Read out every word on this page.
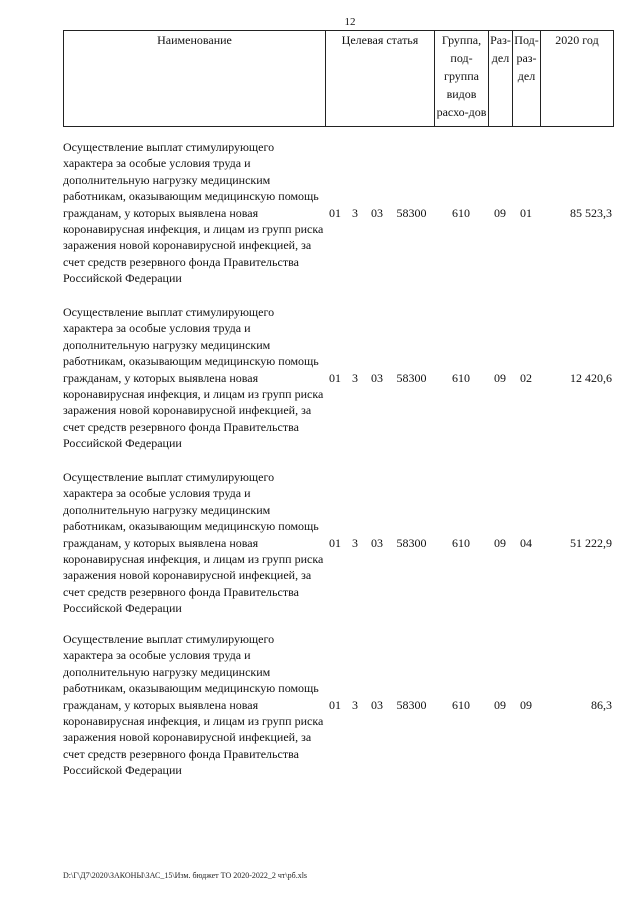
12
Наименование	Целевая статья	Группа, под-группа видов расхо-дов	Раз-дел	Под-раз-дел	2020 год
Осуществление выплат стимулирующего характера за особые условия труда и дополнительную нагрузку медицинским работникам, оказывающим медицинскую помощь гражданам, у которых выявлена новая коронавирусная инфекция, и лицам из групп риска заражения новой коронавирусной инфекцией, за счет средств резервного фонда Правительства Российской Федерации
01 3	03	58300	610	09	01	85 523,3
Осуществление выплат стимулирующего характера за особые условия труда и дополнительную нагрузку медицинским работникам, оказывающим медицинскую помощь гражданам, у которых выявлена новая коронавирусная инфекция, и лицам из групп риска заражения новой коронавирусной инфекцией, за счет средств резервного фонда Правительства Российской Федерации
01 3	03	58300	610	09	02	12 420,6
Осуществление выплат стимулирующего характера за особые условия труда и дополнительную нагрузку медицинским работникам, оказывающим медицинскую помощь гражданам, у которых выявлена новая коронавирусная инфекция, и лицам из групп риска заражения новой коронавирусной инфекцией, за счет средств резервного фонда Правительства Российской Федерации
01 3	03	58300	610	09	04	51 222,9
Осуществление выплат стимулирующего характера за особые условия труда и дополнительную нагрузку медицинским работникам, оказывающим медицинскую помощь гражданам, у которых выявлена новая коронавирусная инфекция, и лицам из групп риска заражения новой коронавирусной инфекцией, за счет средств резервного фонда Правительства Российской Федерации
01 3	03	58300	610	09	09	86,3
D:\Г\Д7\2020\ЗАКОНЫ\ЗАС_15\Изм. бюджет ТО 2020-2022_2 чт\рб.xls
